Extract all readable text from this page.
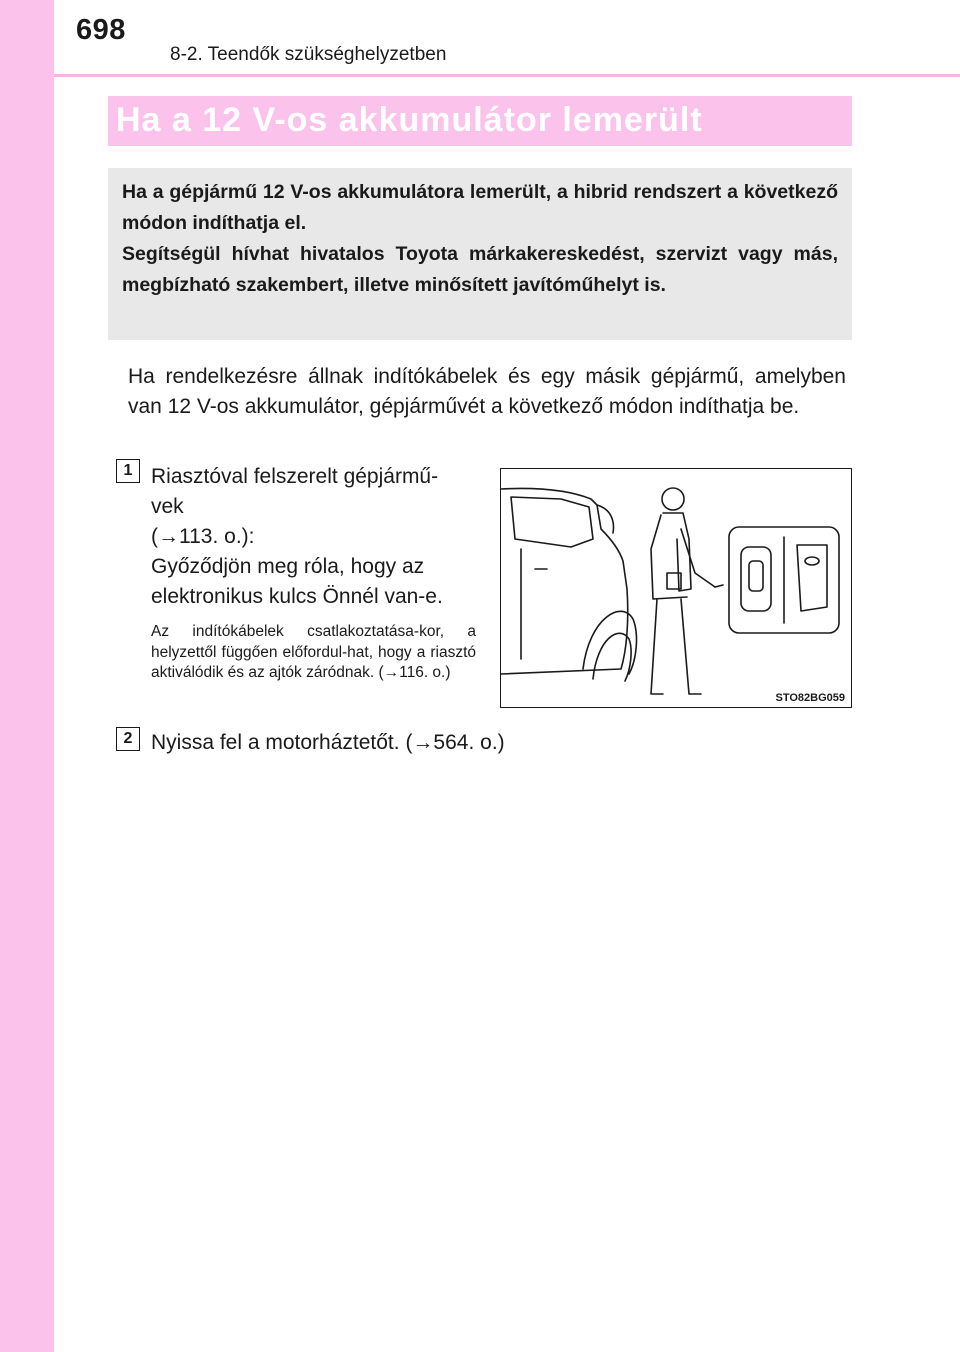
698
8-2. Teendők szükséghelyzetben
Ha a 12 V-os akkumulátor lemerült

Ha a gépjármű 12 V-os akkumulátora lemerült, a hibrid rendszert a következő módon indíthatja el.

Segítségül hívhat hivatalos Toyota márkakereskedést, szervizt vagy más, megbízható szakembert, illetve minősített javítóműhelyt is.

Ha rendelkezésre állnak indítókábelek és egy másik gépjármű, amelyben van 12 V-os akkumulátor, gépjárművét a következő módon indíthatja be.

1 Riasztóval felszerelt gépjármű-
vek
(→113. o.):
Győződjön meg róla, hogy az
elektronikus kulcs Önnél van-e.
Az indítókábelek csatlakoztatása-kor, a helyzettől függően előfordul-hat, hogy a riasztó aktiválódik és az ajtók záródnak. (→116. o.)
2 Nyissa fel a motorháztetőt. (→564. o.)
STO82BG059
